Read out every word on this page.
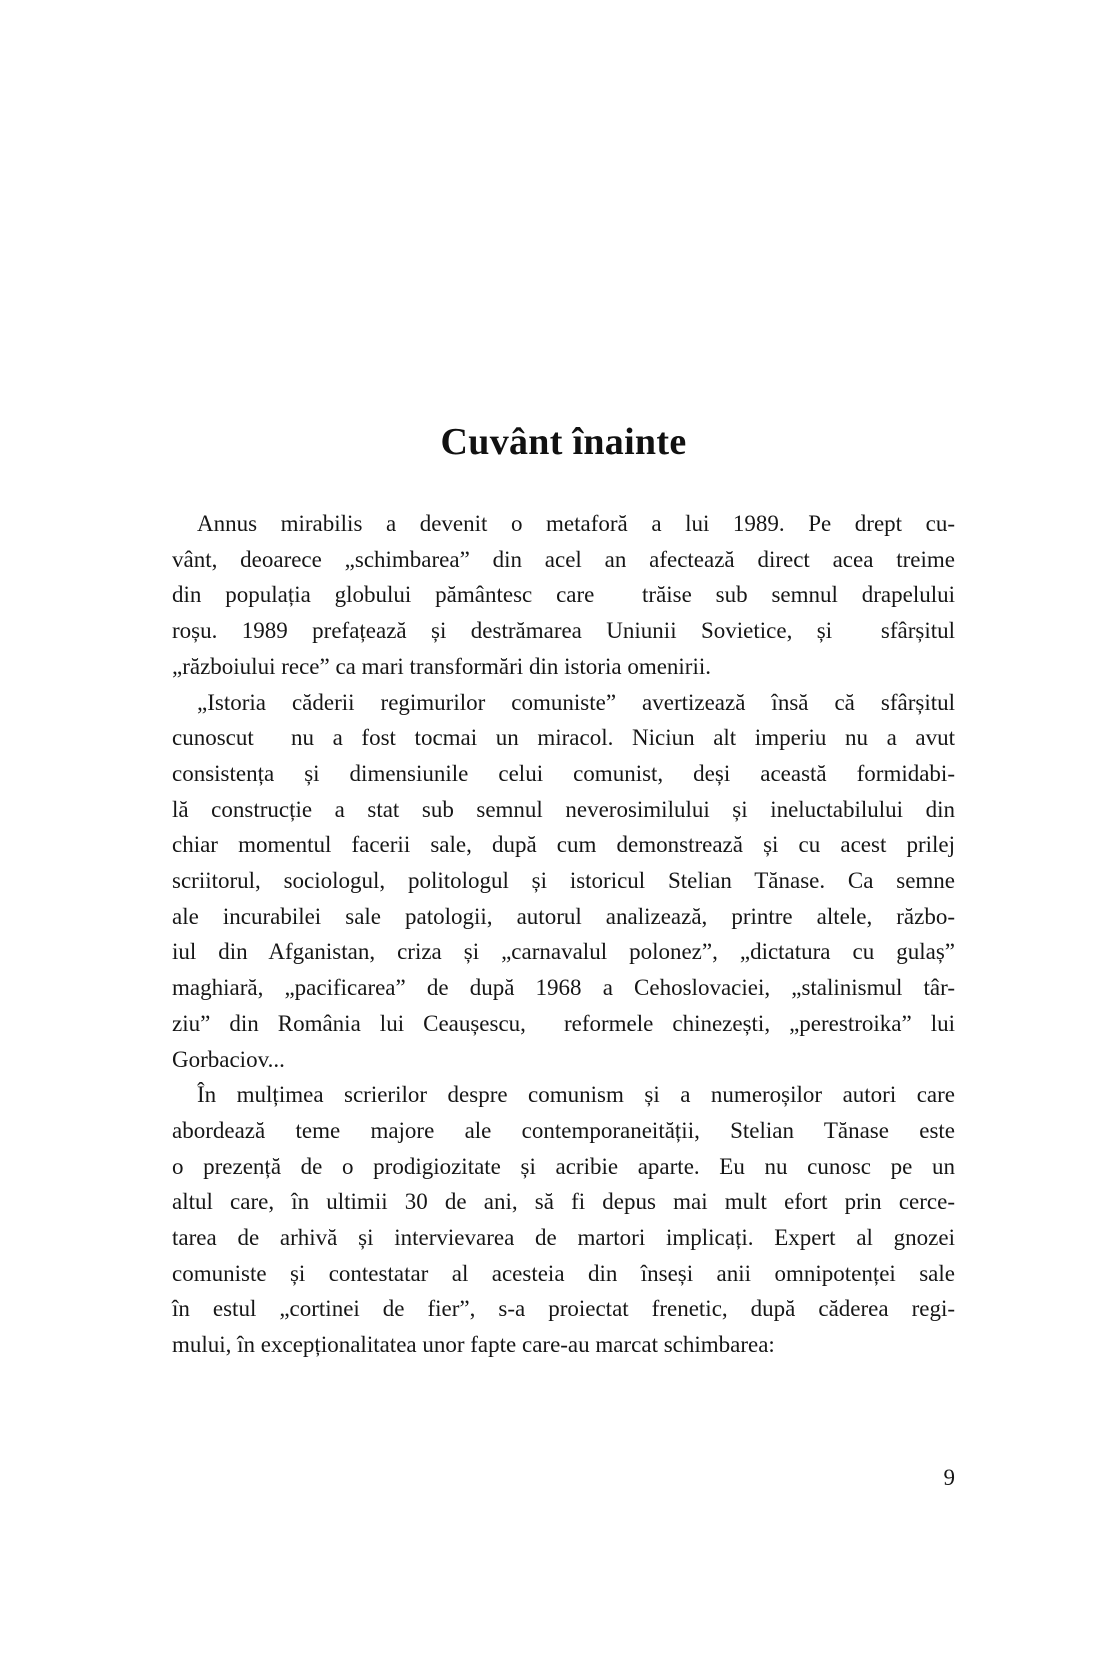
Cuvânt înainte
Annus mirabilis a devenit o metaforă a lui 1989. Pe drept cu-
vânt, deoarece „schimbarea” din acel an afectează direct acea treime
din populația globului pământesc care  trăise sub semnul drapelului
roșu. 1989 prefațează și destrămarea Uniunii Sovietice, și  sfârșitul
„războiului rece” ca mari transformări din istoria omenirii.
„Istoria căderii regimurilor comuniste” avertizează însă că sfârșitul
cunoscut  nu a fost tocmai un miracol. Niciun alt imperiu nu a avut
consistența și dimensiunile celui comunist, deși această formidabi-
lă construcție a stat sub semnul neverosimilului și ineluctabilului din
chiar momentul facerii sale, după cum demonstrează și cu acest prilej
scriitorul, sociologul, politologul și istoricul Stelian Tănase. Ca semne
ale incurabilei sale patologii, autorul analizează, printre altele, războ-
iul din Afganistan, criza și „carnavalul polonez”, „dictatura cu gulaș”
maghiară, „pacificarea” de după 1968 a Cehoslovaciei, „stalinismul târ-
ziu” din România lui Ceaușescu,  reformele chinezești, „perestroika” lui
Gorbaciov...
În mulțimea scrierilor despre comunism și a numeroșilor autori care
abordează teme majore ale contemporaneității, Stelian Tănase este
o prezență de o prodigiozitate și acribie aparte. Eu nu cunosc pe un
altul care, în ultimii 30 de ani, să fi depus mai mult efort prin cerce-
tarea de arhivă și intervievarea de martori implicați. Expert al gnozei
comuniste și contestatar al acesteia din înseși anii omnipotenței sale
în estul „cortinei de fier”, s-a proiectat frenetic, după căderea regi-
mului, în excepționalitatea unor fapte care-au marcat schimbarea:
9
